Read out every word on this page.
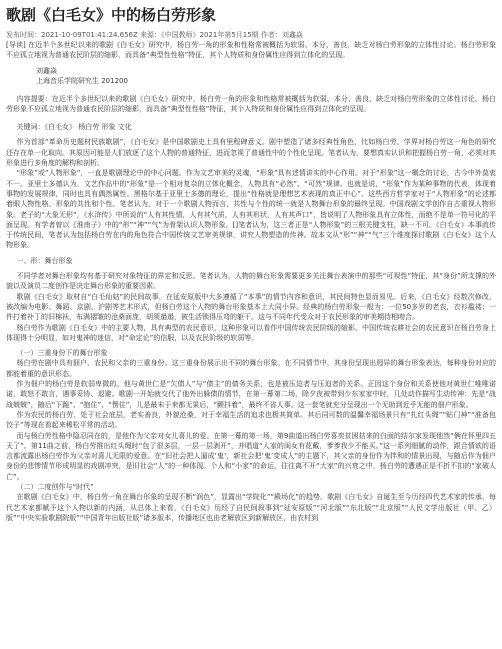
歌剧《白毛女》中的杨白劳形象
发布时间：2021-10-09T01:41:24.656Z 来源：《中国教师》2021年第5月15期 作者：刘鑫焱
[导读] 在近半个多世纪以来的歌剧《白毛女》研究中，杨白劳一角的形象和性格常被概括为软弱、本分、善良，缺乏对杨白劳形象的立体性讨论。杨白劳形象不应孤立地视为普通农民阶层的缩影，而具备“典型性性格”特征，其个人特质和身份属性应得到立体化的呈现。
刘鑫焱
上海音乐学院研究生 201200
内容提要：在近半个多世纪以来的歌剧《白毛女》研究中，杨白劳一角的形象和性格常被概括为软弱、本分、善良，缺乏对杨白劳形象的立体性讨论。杨白劳形象不应孤立地视为普通农民阶层的缩影，而具备“典型性性格”特征，其个人特质和身份属性应得到立体化的呈现。
关键词：《白毛女》 杨白劳 形象 文化
作为首部“革命历史题材民族歌剧”，《白毛女》是中国歌剧史上具有里程碑意义。剧中塑造了诸多经典性角色，比如杨白劳，学界对杨白劳这一角色的研究还存在单一化取向。其原因可能是人们放逐了这个人物的普通特征，进而忽视了普通性中的个性化呈现。笔者认为，要想真实认识和把握杨白劳一角，必须对其形象进行多角度的解构和剖析。
“形象”或“人物形象”，一直是歌剧理论中的中心问题。作为文艺审美的灵魂，“形象”具有述情讲实的中心作用。对于“形象”这一概念的讨论，古今中外莫衷不一。亚里士多德认为，文艺作品中的“形象”是一个相对复杂的立体化概念，人物具有“必然”、“可然”规律。也就是说，“形象”作为某种事物的代表，体现着事物的发展规律，同时也具有偶然属性。黑格尔基于亚里士多德的理论，提出“性格就是理想艺术表现的真正中心”。这些西方哲学家对于“人物形象”的论述都着眼人物性格、形象的共性和个性。笔者认为，对于一个歌剧人物而言，共性与个性的统一就是人物舞台形象的最终呈现。中国戏剧文学创作自古重视人物形象。老子的“大象无形”，《水浒传》中所说的“人有其性情，人有其气质，人有其形状，人有其声口”，皆说明了人物形象具有立体性，而绝不是单一符号化的平面呈现。有学者曾以《淮南子》中的“形”“神”“气”为骨架认识人物形象。[]笔者认为，这三者正是“人物形象”的三根关键支柱，缺一不可。《白毛女》本事流传于传统民间，笔者认为包括杨白劳在内的角色符合中国传统文艺审美规律，讲究人物塑造的传神。故本文从“形”“神”“气”三个维度探讨歌剧《白毛女》这个人物形象。
一、形：舞台形象
不同学者对舞台形象均有基于研究对象特征的界定和反思。笔者认为，人物的舞台形象需要更多关注舞台表演中的那些“可视性”特征，其“身份”所支撑的外貌以及演员二度创作是决定舞台形象的重要因素。
歌剧《白毛女》取材自“白毛仙姑”的民间故事，在延安原版中大多遵循了“本事”的情节内容和意识，其民间特色显而易见。后来，《白毛女》经数次修改，被改编为电影、舞蹈、京剧、沪剧等艺术形式，但杨白劳这个人物的舞台形象基本上大同小异。经典的杨白劳形象一般为：一位50多岁的老农，衣衫褴褛；一件打着补丁的旧棉袄，布满褶皱的沧桑面庞，胡须遢遢，被生活锁得压弯的躯干。这与不同年代受众对于农民形象的审美期待相吻合。
杨白劳作为歌剧《白毛女》中的主要人物，具有典型的农民意识，这种形象可以看作中国传统农民阶级的缩影。中国传统农耕社会的农民意识在杨白劳身上体现得十分明显，如对鬼神的迷信，对“命定论”的信服，以及农民阶级的软弱等。
（一）三重身份下的舞台形象
杨白劳在剧中具有佃户、农民和父亲的三重身份。这三重身份展示出不同的舞台形象。在不同情节中，其身份呈现出迥异的舞台形象表达，每种身份对应的都能着重的意识形态。
作为佃户的杨白劳是软弱卑微的。他与黄世仁是“欠债人”与“债主”的债务关系，也是被压迫者与压迫者的关系。正因这个身份和关系使他对黄世仁唯唯诺诺，敢怒不敢言，遇事妥协、退避。歌剧一开始就交代了他外出躲债的情节，在第一幕第二场，除夕夜被带到少东家家中时，几处动作描写生动传神：先是“战战兢兢”，随后“下跪”、“抱住”、“愣住”，儿是最末于来都无果后，“颤抖着”，最终不省人事。这一套笔就充分呈现出一个无助到近乎无能的佃户形象。
作为农民的杨白劳，处于社会底层，老实善良，外貌沧桑，对于幸福生活的追求也极其简单。其后同可数的温馨幸福场景只有“扎红头绳”“贴门神”“准备包饺子”等现在看起来稀松平常的活动。
而与杨白劳性格中隐忍同在的，是他作为父亲对女儿喜儿的爱。在第一幕的第一场，第9曲道出杨白劳喜奕贫困拮来的白面的结尔家发现他然“俩在怀里四五天了”。第11曲之前，杨白劳推出红头绳时“包了很多层，一层一层剥开”，并唱道“人家的闺女有花戴，爹爹我少不能买。”这一系列细腻的动作，跟合情欲的语言都流露出杨白劳作为父亲对喜儿无限的爱意。在“旧社会把人逼成‘鬼’，新社会把‘鬼’变成人”的主题下，其父亲的身份作为拌和的情景出现，与随后作为佃户身份的悲惨情节形成明显的戏剧冲突，是旧社会“人”的一种体现。个人和“小家”的命运，往往离不开“大家”的兴衰之中，杨白劳的遭遇正是不折不扣的“家破人亡”。
（二）二度创作与“时代”
在歌剧《白毛女》中，杨白劳一角在舞台形象的呈现不断“润色”，显露出“学院化”“殿场化”的趋势。歌剧《白毛女》自诞生至今历经四代艺术家的传承，每代艺术家都赋予这个人物以新的内涵，从总体上来看，《白毛女》历经了自民间叙事到“延安原版”“河北版”“东北版”“北京版”“人民文学出版社（甲、乙）版”“中央实验歌剧院版”“中国青年出版社版”诸多版本，传播地区也由老解放区到新解放区，由农村到
